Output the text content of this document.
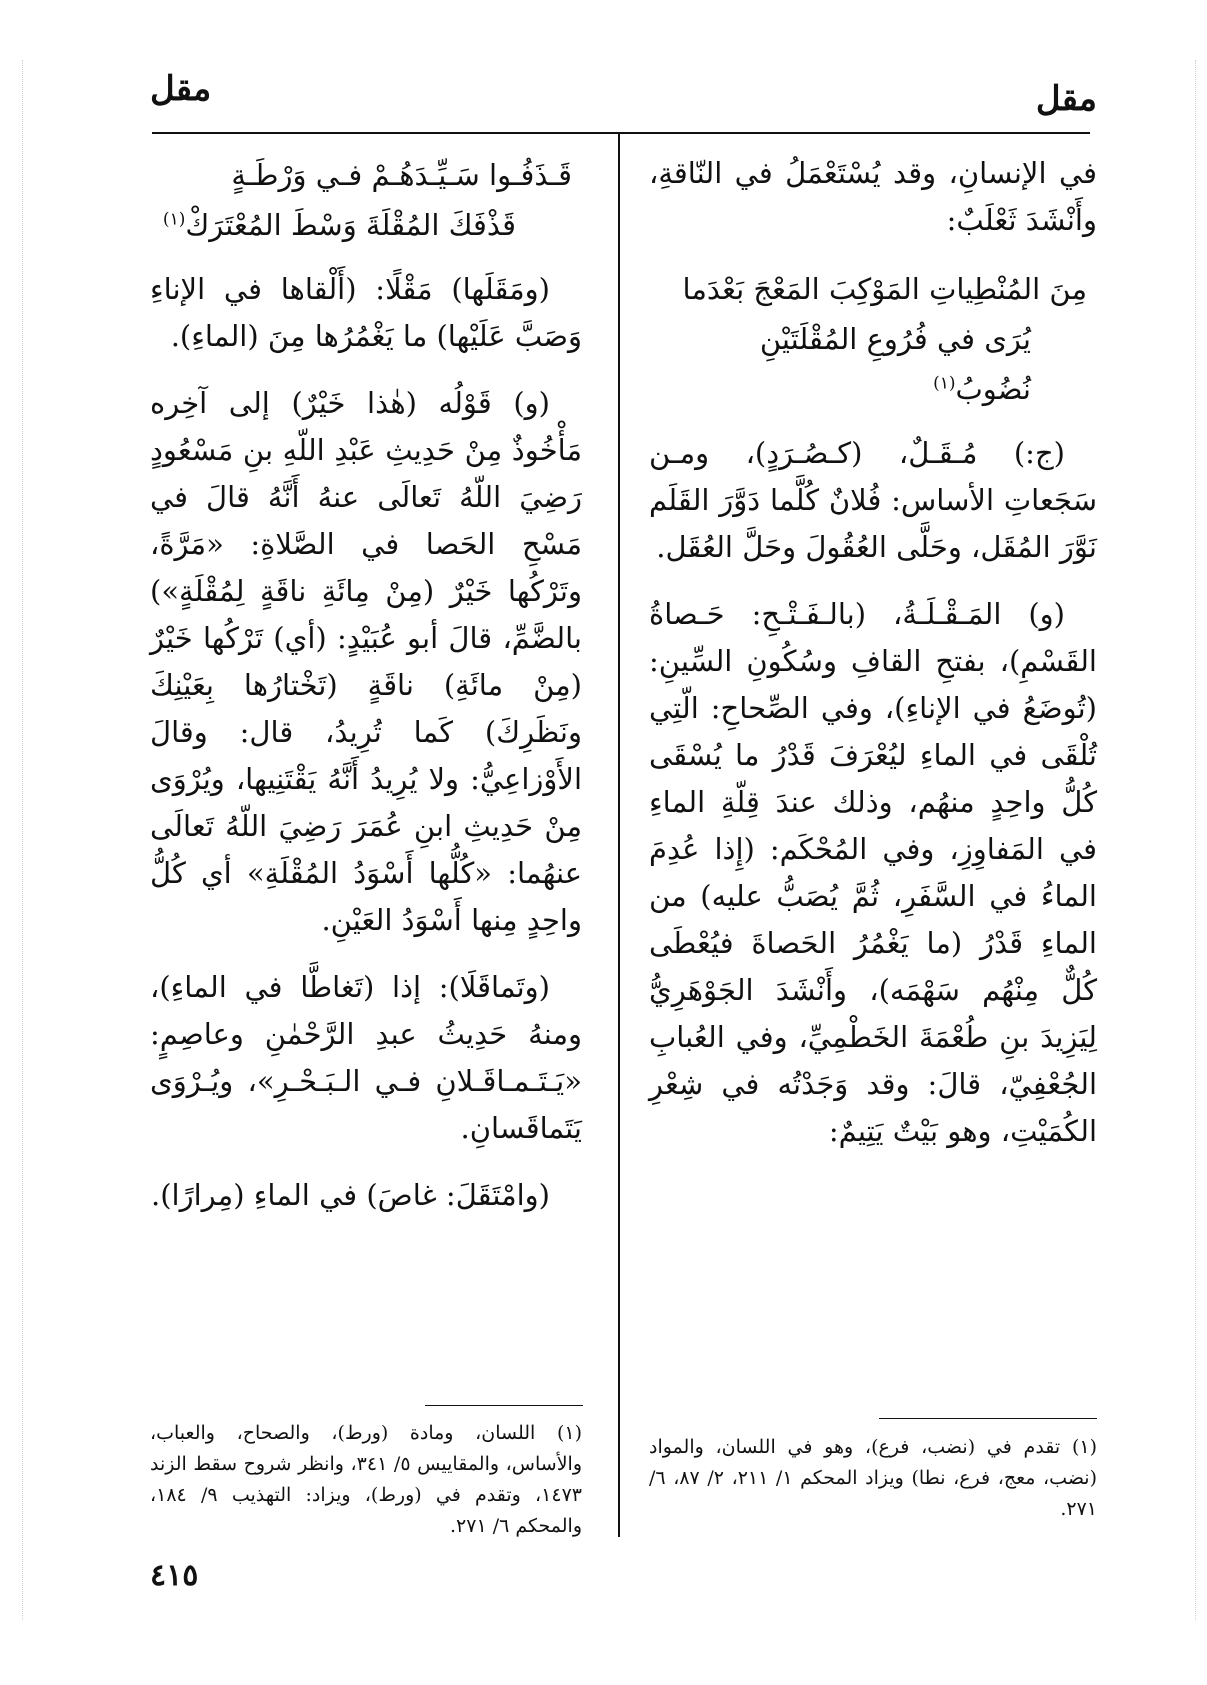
مقل
مقل

في الإنسانِ، وقد يُسْتَعْمَلُ في النّاقةِ، وأَنْشَدَ ثَعْلَبٌ:

مِنَ المُنْطِياتِ المَوْكِبَ المَعْجَ بَعْدَما
يُرَى في فُرُوعِ المُقْلَتَيْنِ نُضُوبُ$^{(١)}$

(ج:) مُـقَـلٌ، (كـصُـرَدٍ)، ومـن سَجَعاتِ الأساس: فُلانٌ كُلَّما دَوَّرَ القَلَم نَوَّرَ المُقَل، وحَلَّى العُقُولَ وحَلَّ العُقَل.

(و) المَـقْـلَـةُ، (بالـفَـتْـحِ: حَـصاةُ القَسْمِ)، بفتحِ القافِ وسُكُونِ السِّينِ: (تُوضَعُ في الإناءِ)، وفي الصِّحاحِ: الّتِي تُلْقَى في الماءِ ليُعْرَفَ قَدْرُ ما يُسْقَى كُلُّ واحِدٍ منهُم، وذلك عندَ قِلّةِ الماءِ في المَفاوِزِ، وفي المُحْكَم: (إِذا عُدِمَ الماءُ في السَّفَرِ، ثُمَّ يُصَبُّ عليه) من الماءِ قَدْرُ (ما يَغْمُرُ الحَصاةَ فيُعْطَى كُلٌّ مِنْهُم سَهْمَه)، وأَنْشَدَ الجَوْهَرِيُّ لِيَزِيدَ بنِ طُعْمَةَ الخَطْمِيِّ، وفي العُبابِ الجُعْفِيّ، قالَ: وقد وَجَدْتُه في شِعْرِ الكُمَيْتِ، وهو بَيْتٌ يَتِيمٌ:

قَـذَفُـوا سَـيِّـدَهُـمْ فـي وَرْطَـةٍ
قَذْفَكَ المُقْلَةَ وَسْطَ المُعْتَرَكْ$^{(١)}$

(ومَقَلَها) مَقْلًا: (أَلْقاها في الإناءِ وَصَبَّ عَلَيْها) ما يَغْمُرُها مِنَ (الماءِ).

(و) قَوْلُه (هٰذا خَيْرٌ) إلى آخِره مَأْخُوذٌ مِنْ حَدِيثِ عَبْدِ اللّهِ بنِ مَسْعُودٍ رَضِيَ اللّهُ تَعالَى عنهُ أَنَّهُ قالَ في مَسْحِ الحَصا في الصَّلاةِ: «مَرَّةً، وتَرْكُها خَيْرٌ (مِنْ مِائَةِ ناقَةٍ لِمُقْلَةٍ») بالضَّمِّ، قالَ أبو عُبَيْدٍ: (أي) تَرْكُها خَيْرٌ (مِنْ مائَةِ) ناقَةٍ (تَخْتارُها بِعَيْنِكَ ونَظَرِكَ) كَما تُرِيدُ، قال: وقالَ الأَوْزاعِيُّ: ولا يُرِيدُ أَنَّهُ يَقْتَنِيها، ويُرْوَى مِنْ حَدِيثِ ابنِ عُمَرَ رَضِيَ اللّهُ تَعالَى عنهُما: «كُلُّها أَسْوَدُ المُقْلَةِ» أي كُلُّ واحِدٍ مِنها أَسْوَدُ العَيْنِ.

(وتَماقَلَا): إذا (تَغاطَّا في الماءِ)، ومنهُ حَدِيثُ عبدِ الرَّحْمٰنِ وعاصِمٍ: «يَـتَـمـاقَـلانِ فـي الـبَـحْـرِ»، ويُـرْوَى يَتَماقَسانِ.

(وامْتَقَلَ: غاصَ) في الماءِ (مِرارًا).

(١) تقدم في (نضب، فرع)، وهو في اللسان، والمواد (نضب، معج، فرع، نطا) ويزاد المحكم ١/ ٢١١، ٢/ ٨٧، ٦/ ٢٧١.
(١) اللسان، ومادة (ورط)، والصحاح، والعباب، والأساس، والمقاييس ٥/ ٣٤١، وانظر شروح سقط الزند ١٤٧٣، وتقدم في (ورط)، ويزاد: التهذيب ٩/ ١٨٤، والمحكم ٦/ ٢٧١.
٤١٥
